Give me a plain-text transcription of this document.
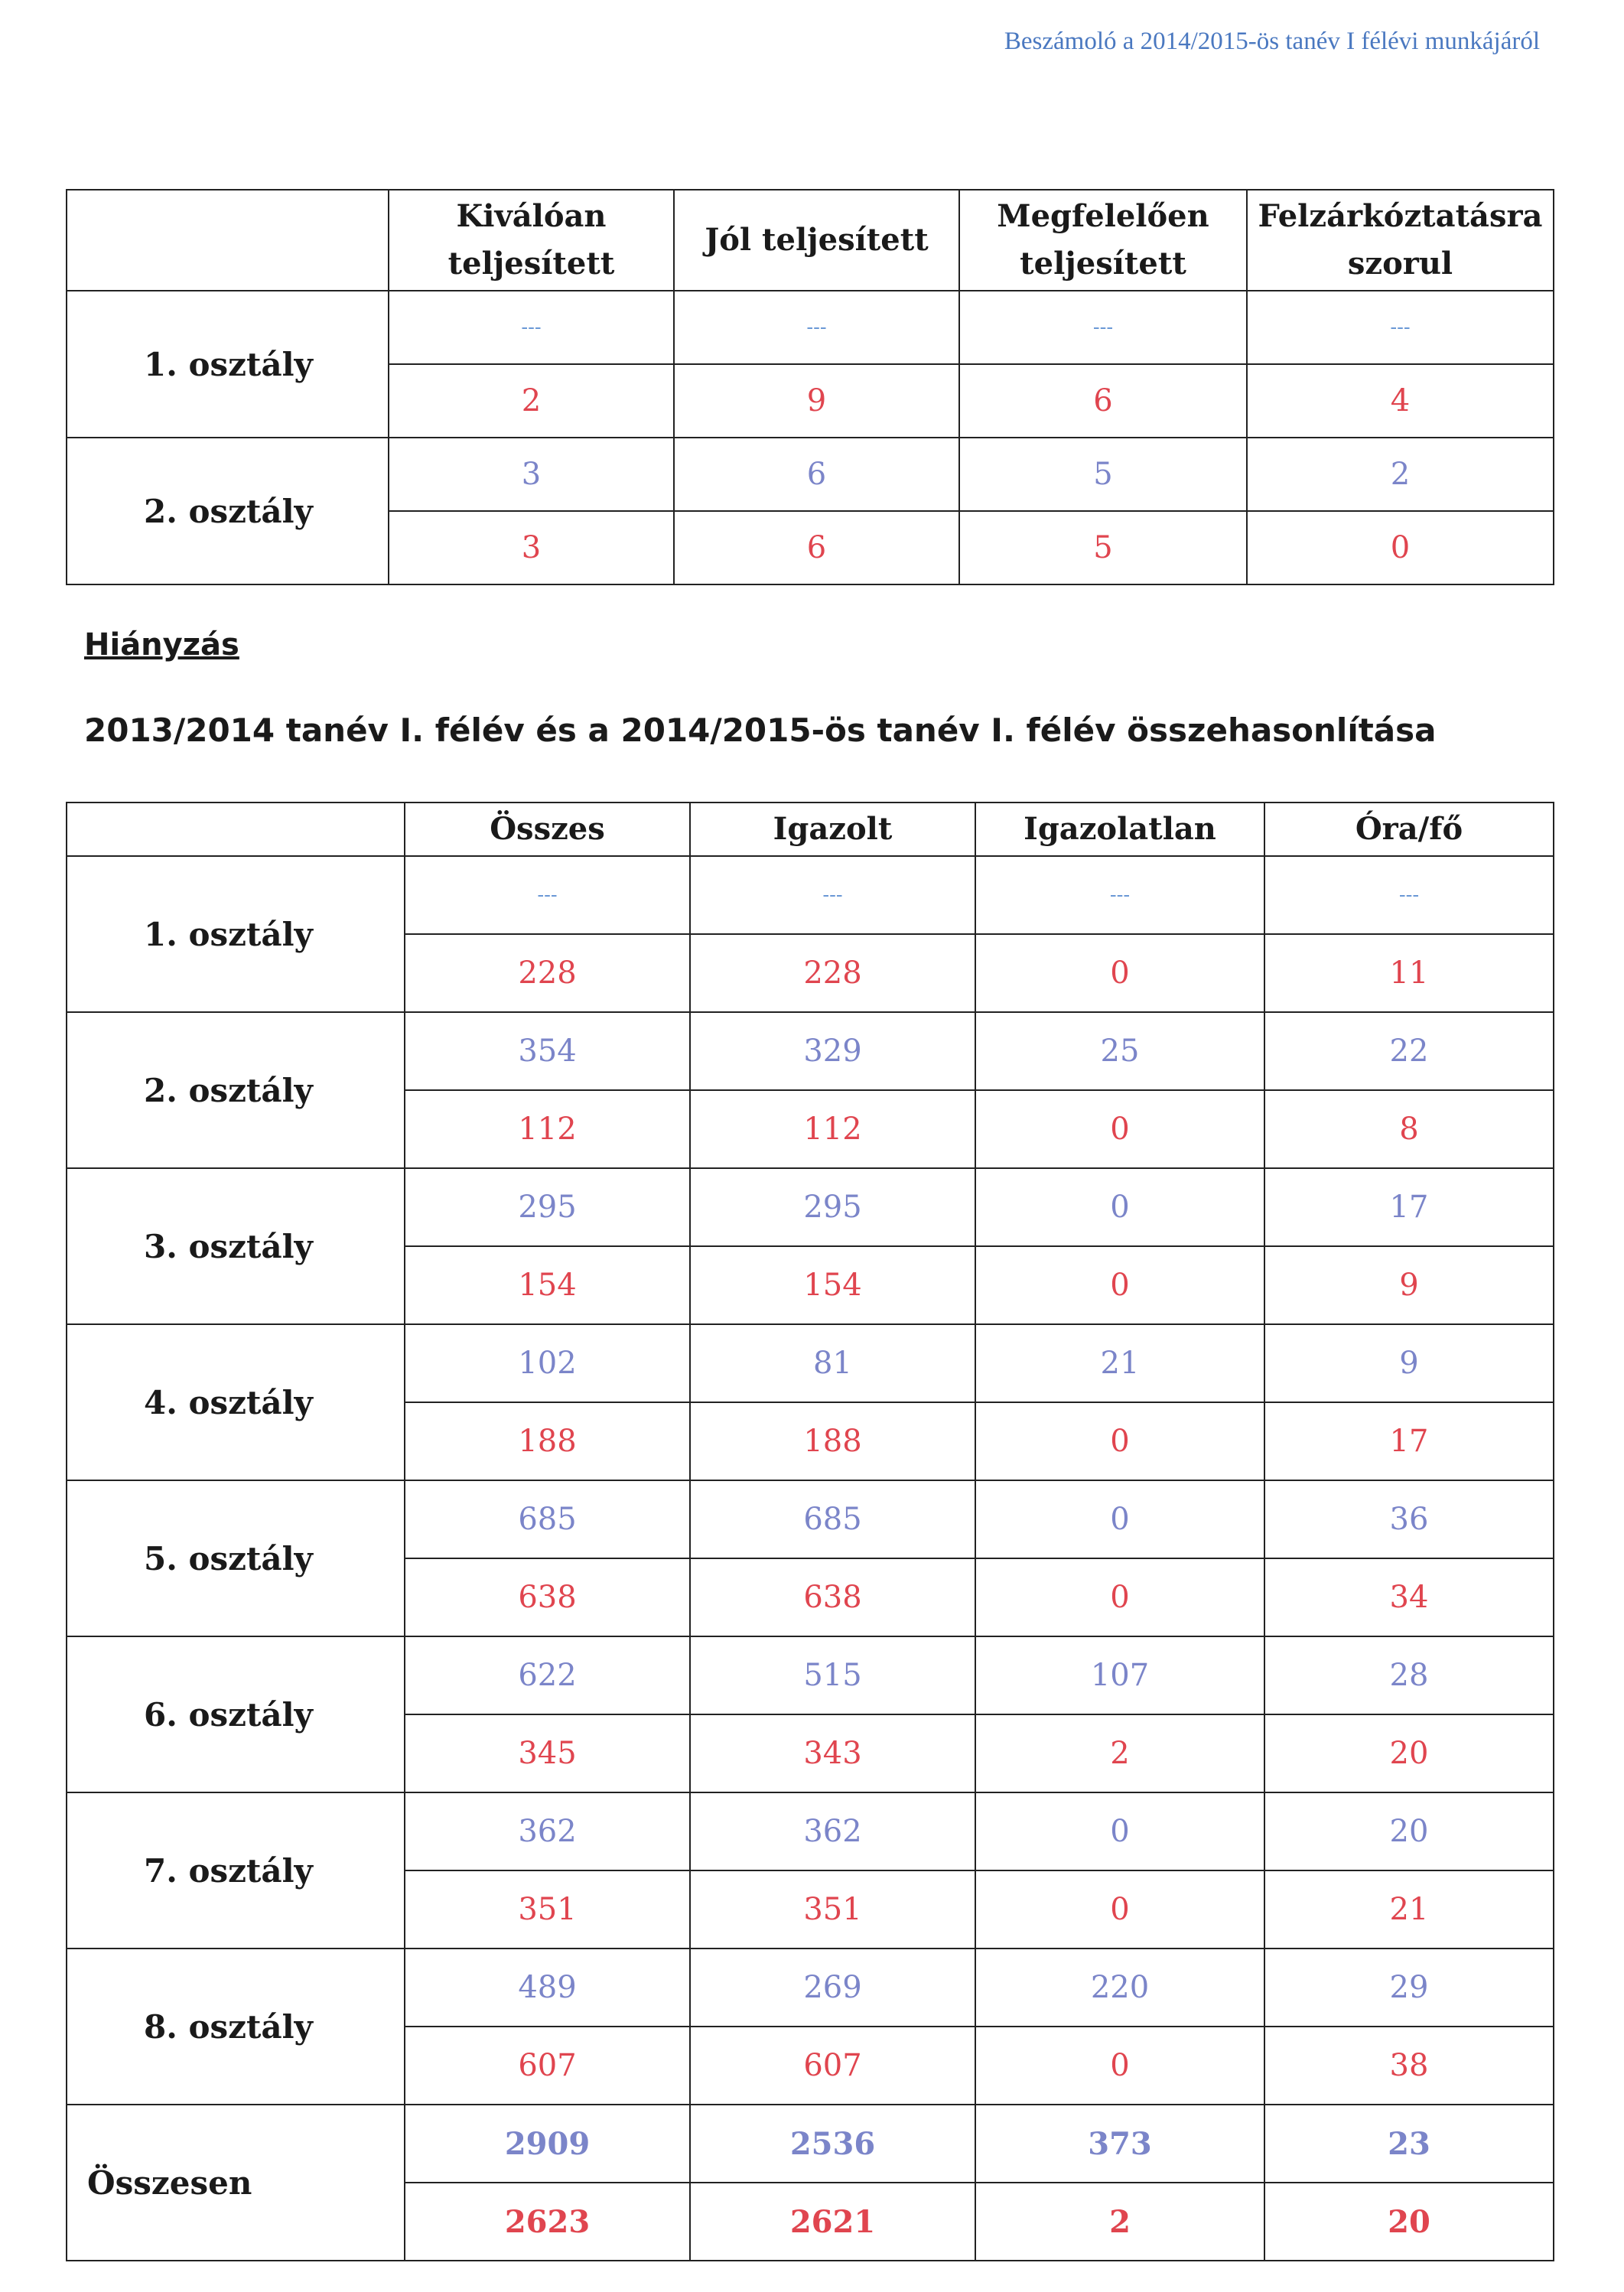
Beszámoló a 2014/2015-ös tanév I félévi munkájáról
	Kiválóan teljesített	Jól teljesített	Megfelelően teljesített	Felzárkóztatásra szorul
1. osztály	---	---	---	---
	2	9	6	4
2. osztály	3	6	5	2
	3	6	5	0
Hiányzás
2013/2014 tanév I. félév és a 2014/2015-ös tanév I. félév összehasonlítása
	Összes	Igazolt	Igazolatlan	Óra/fő
1. osztály	---	---	---	---
	228	228	0	11
2. osztály	354	329	25	22
	112	112	0	8
3. osztály	295	295	0	17
	154	154	0	9
4. osztály	102	81	21	9
	188	188	0	17
5. osztály	685	685	0	36
	638	638	0	34
6. osztály	622	515	107	28
	345	343	2	20
7. osztály	362	362	0	20
	351	351	0	21
8. osztály	489	269	220	29
	607	607	0	38
Összesen	2909	2536	373	23
	2623	2621	2	20
